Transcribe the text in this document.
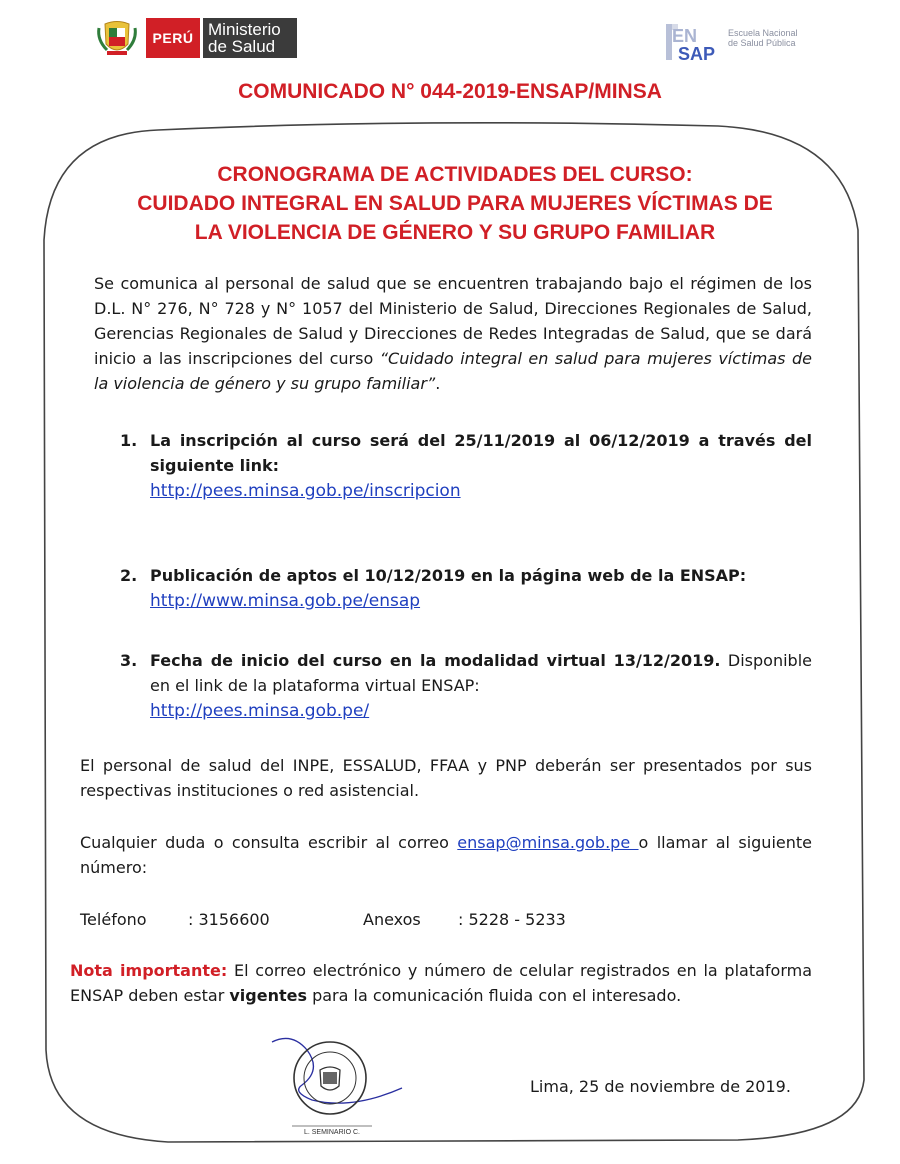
PERÚ Ministerio
de Salud
EN
SAP
Escuela Nacional
de Salud Pública
COMUNICADO N° 044-2019-ENSAP/MINSA
CRONOGRAMA DE ACTIVIDADES DEL CURSO:
CUIDADO INTEGRAL EN SALUD PARA MUJERES VÍCTIMAS DE
LA VIOLENCIA DE GÉNERO Y SU GRUPO FAMILIAR
Se comunica al personal de salud que se encuentren trabajando bajo el régimen de los D.L. N° 276, N° 728 y N° 1057 del Ministerio de Salud, Direcciones Regionales de Salud, Gerencias Regionales de Salud y Direcciones de Redes Integradas de Salud, que se dará inicio a las inscripciones del curso “Cuidado integral en salud para mujeres víctimas de la violencia de género y su grupo familiar”.
1. La inscripción al curso será del 25/11/2019 al 06/12/2019 a través del siguiente link:
http://pees.minsa.gob.pe/inscripcion
2. Publicación de aptos el 10/12/2019 en la página web de la ENSAP:
http://www.minsa.gob.pe/ensap
3. Fecha de inicio del curso en la modalidad virtual 13/12/2019. Disponible en el link de la plataforma virtual ENSAP:
http://pees.minsa.gob.pe/
El personal de salud del INPE, ESSALUD, FFAA y PNP deberán ser presentados por sus respectivas instituciones o red asistencial.
Cualquier duda o consulta escribir al correo ensap@minsa.gob.pe o llamar al siguiente número:
Teléfono	: 3156600	Anexos : 5228 - 5233
Nota importante: El correo electrónico y número de celular registrados en la plataforma ENSAP deben estar vigentes para la comunicación fluida con el interesado.
L. SEMINARIO C.
Lima, 25 de noviembre de 2019.
